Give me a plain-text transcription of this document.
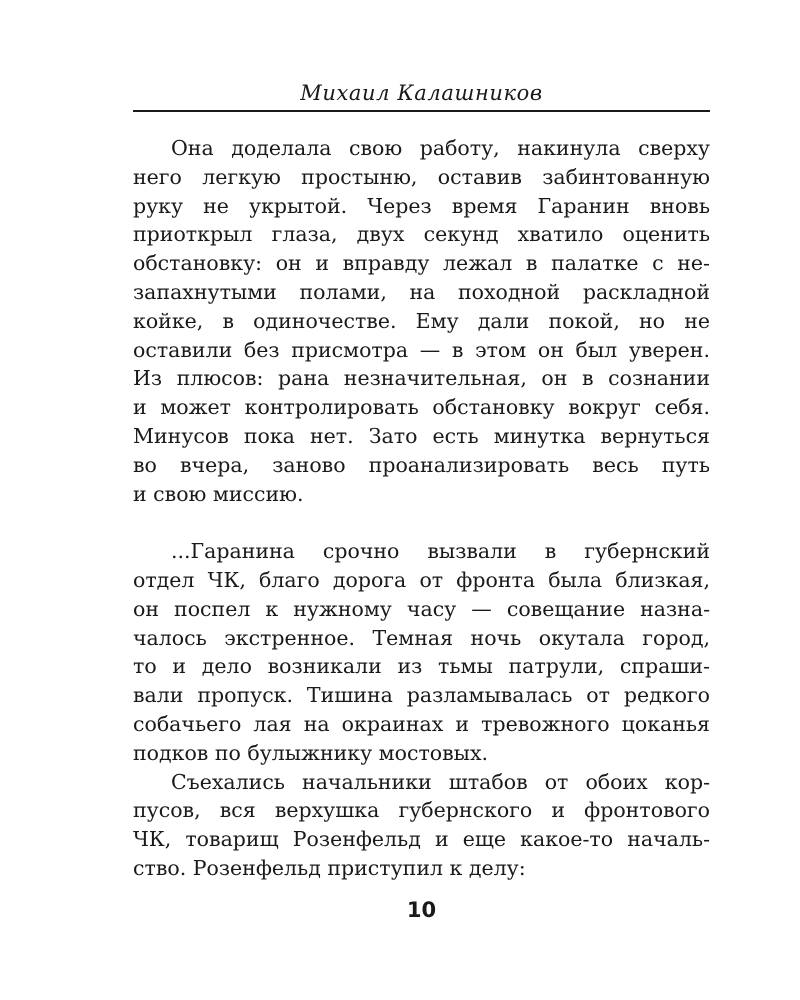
Михаил Калашников
Она доделала свою работу, накинула сверху
него легкую простыню, оставив забинтованную
руку не укрытой. Через время Гаранин вновь
приоткрыл глаза, двух секунд хватило оценить
обстановку: он и вправду лежал в палатке с не-
запахнутыми полами, на походной раскладной
койке, в одиночестве. Ему дали покой, но не
оставили без присмотра — в этом он был уверен.
Из плюсов: рана незначительная, он в сознании
и может контролировать обстановку вокруг себя.
Минусов пока нет. Зато есть минутка вернуться
во вчера, заново проанализировать весь путь
и свою миссию.
...Гаранина срочно вызвали в губернский
отдел ЧК, благо дорога от фронта была близкая,
он поспел к нужному часу — совещание назна-
чалось экстренное. Темная ночь окутала город,
то и дело возникали из тьмы патрули, спраши-
вали пропуск. Тишина разламывалась от редкого
собачьего лая на окраинах и тревожного цоканья
подков по булыжнику мостовых.
Съехались начальники штабов от обоих кор-
пусов, вся верхушка губернского и фронтового
ЧК, товарищ Розенфельд и еще какое-то началь-
ство. Розенфельд приступил к делу:
10
